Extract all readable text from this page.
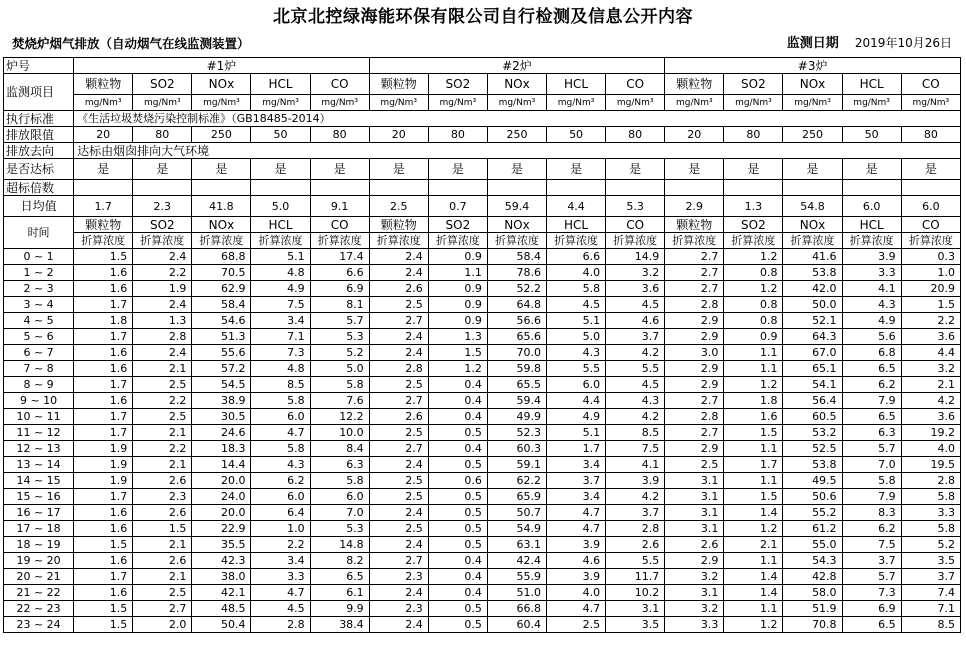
北京北控绿海能环保有限公司自行检测及信息公开内容
焚烧炉烟气排放（自动烟气在线监测装置）	监测日期 2019年10月26日
炉号	#1炉					#2炉					#3炉				
监测项目	颗粒物	SO2	NOx	HCL	CO	颗粒物	SO2	NOx	HCL	CO	颗粒物	SO2	NOx	HCL	CO
	mg/Nm³	mg/Nm³	mg/Nm³	mg/Nm³	mg/Nm³	mg/Nm³	mg/Nm³	mg/Nm³	mg/Nm³	mg/Nm³	mg/Nm³	mg/Nm³	mg/Nm³	mg/Nm³	mg/Nm³
执行标准	《生活垃圾焚烧污染控制标准》（GB18485-2014）														
排放限值	20	80	250	50	80	20	80	250	50	80	20	80	250	50	80
排放去向	达标由烟囱排向大气环境														
是否达标	是	是	是	是	是	是	是	是	是	是	是	是	是	是	是
超标倍数															
日均值	1.7	2.3	41.8	5.0	9.1	2.5	0.7	59.4	4.4	5.3	2.9	1.3	54.8	6.0	6.0
时间	颗粒物	SO2	NOx	HCL	CO	颗粒物	SO2	NOx	HCL	CO	颗粒物	SO2	NOx	HCL	CO
	折算浓度	折算浓度	折算浓度	折算浓度	折算浓度	折算浓度	折算浓度	折算浓度	折算浓度	折算浓度	折算浓度	折算浓度	折算浓度	折算浓度	折算浓度
0 ~ 1	1.5	2.4	68.8	5.1	17.4	2.4	0.9	58.4	6.6	14.9	2.7	1.2	41.6	3.9	0.3
1 ~ 2	1.6	2.2	70.5	4.8	6.6	2.4	1.1	78.6	4.0	3.2	2.7	0.8	53.8	3.3	1.0
2 ~ 3	1.6	1.9	62.9	4.9	6.9	2.6	0.9	52.2	5.8	3.6	2.7	1.2	42.0	4.1	20.9
3 ~ 4	1.7	2.4	58.4	7.5	8.1	2.5	0.9	64.8	4.5	4.5	2.8	0.8	50.0	4.3	1.5
4 ~ 5	1.8	1.3	54.6	3.4	5.7	2.7	0.9	56.6	5.1	4.6	2.9	0.8	52.1	4.9	2.2
5 ~ 6	1.7	2.8	51.3	7.1	5.3	2.4	1.3	65.6	5.0	3.7	2.9	0.9	64.3	5.6	3.6
6 ~ 7	1.6	2.4	55.6	7.3	5.2	2.4	1.5	70.0	4.3	4.2	3.0	1.1	67.0	6.8	4.4
7 ~ 8	1.6	2.1	57.2	4.8	5.0	2.8	1.2	59.8	5.5	5.5	2.9	1.1	65.1	6.5	3.2
8 ~ 9	1.7	2.5	54.5	8.5	5.8	2.5	0.4	65.5	6.0	4.5	2.9	1.2	54.1	6.2	2.1
9 ~ 10	1.6	2.2	38.9	5.8	7.6	2.7	0.4	59.4	4.4	4.3	2.7	1.8	56.4	7.9	4.2
10 ~ 11	1.7	2.5	30.5	6.0	12.2	2.6	0.4	49.9	4.9	4.2	2.8	1.6	60.5	6.5	3.6
11 ~ 12	1.7	2.1	24.6	4.7	10.0	2.5	0.5	52.3	5.1	8.5	2.7	1.5	53.2	6.3	19.2
12 ~ 13	1.9	2.2	18.3	5.8	8.4	2.7	0.4	60.3	1.7	7.5	2.9	1.1	52.5	5.7	4.0
13 ~ 14	1.9	2.1	14.4	4.3	6.3	2.4	0.5	59.1	3.4	4.1	2.5	1.7	53.8	7.0	19.5
14 ~ 15	1.9	2.6	20.0	6.2	5.8	2.5	0.6	62.2	3.7	3.9	3.1	1.1	49.5	5.8	2.8
15 ~ 16	1.7	2.3	24.0	6.0	6.0	2.5	0.5	65.9	3.4	4.2	3.1	1.5	50.6	7.9	5.8
16 ~ 17	1.6	2.6	20.0	6.4	7.0	2.4	0.5	50.7	4.7	3.7	3.1	1.4	55.2	8.3	3.3
17 ~ 18	1.6	1.5	22.9	1.0	5.3	2.5	0.5	54.9	4.7	2.8	3.1	1.2	61.2	6.2	5.8
18 ~ 19	1.5	2.1	35.5	2.2	14.8	2.4	0.5	63.1	3.9	2.6	2.6	2.1	55.0	7.5	5.2
19 ~ 20	1.6	2.6	42.3	3.4	8.2	2.7	0.4	42.4	4.6	5.5	2.9	1.1	54.3	3.7	3.5
20 ~ 21	1.7	2.1	38.0	3.3	6.5	2.3	0.4	55.9	3.9	11.7	3.2	1.4	42.8	5.7	3.7
21 ~ 22	1.6	2.5	42.1	4.7	6.1	2.4	0.4	51.0	4.0	10.2	3.1	1.4	58.0	7.3	7.4
22 ~ 23	1.5	2.7	48.5	4.5	9.9	2.3	0.5	66.8	4.7	3.1	3.2	1.1	51.9	6.9	7.1
23 ~ 24	1.5	2.0	50.4	2.8	38.4	2.4	0.5	60.4	2.5	3.5	3.3	1.2	70.8	6.5	8.5
